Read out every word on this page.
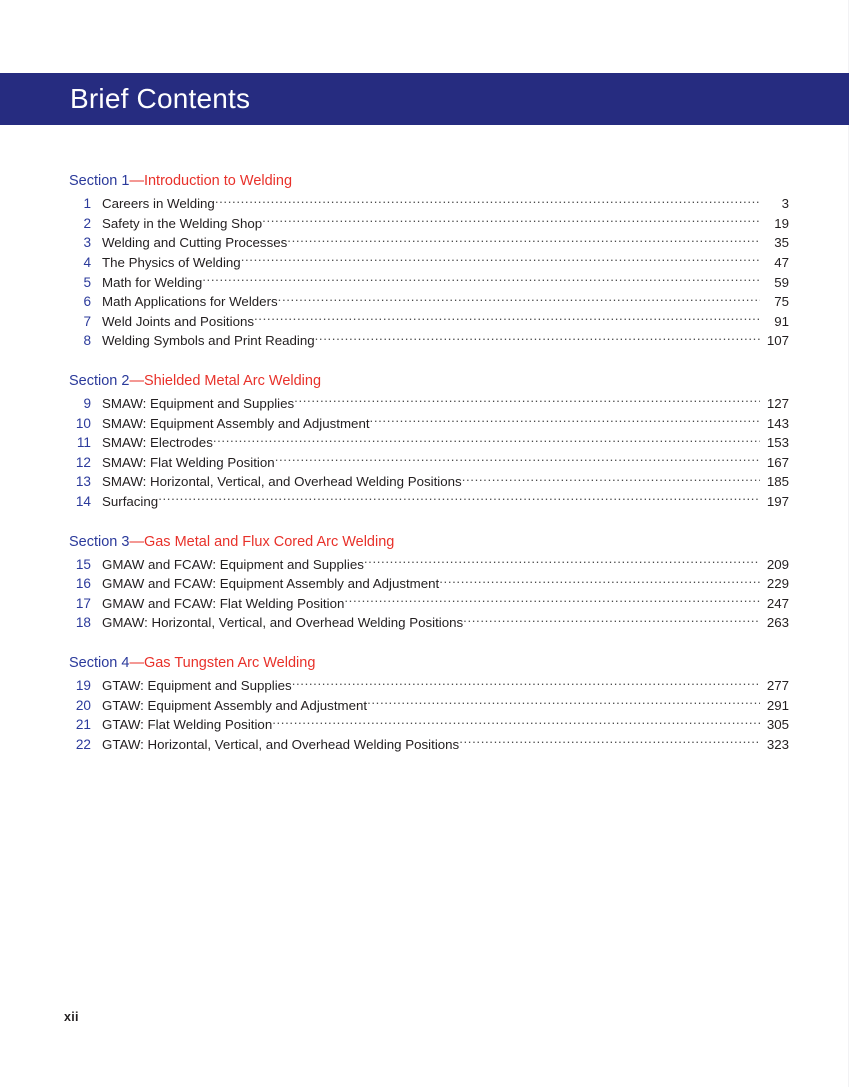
Brief Contents
Section 1—Introduction to Welding
1 Careers in Welding .....	3
2 Safety in the Welding Shop .....	19
3 Welding and Cutting Processes .....	35
4 The Physics of Welding .....	47
5 Math for Welding .....	59
6 Math Applications for Welders .....	75
7 Weld Joints and Positions .....	91
8 Welding Symbols and Print Reading .....	107
Section 2—Shielded Metal Arc Welding
9 SMAW: Equipment and Supplies .....	127
10 SMAW: Equipment Assembly and Adjustment .....	143
11 SMAW: Electrodes .....	153
12 SMAW: Flat Welding Position .....	167
13 SMAW: Horizontal, Vertical, and Overhead Welding Positions .....	185
14 Surfacing .....	197
Section 3—Gas Metal and Flux Cored Arc Welding
15 GMAW and FCAW: Equipment and Supplies .....	209
16 GMAW and FCAW: Equipment Assembly and Adjustment .....	229
17 GMAW and FCAW: Flat Welding Position .....	247
18 GMAW: Horizontal, Vertical, and Overhead Welding Positions .....	263
Section 4—Gas Tungsten Arc Welding
19 GTAW: Equipment and Supplies .....	277
20 GTAW: Equipment Assembly and Adjustment .....	291
21 GTAW: Flat Welding Position .....	305
22 GTAW: Horizontal, Vertical, and Overhead Welding Positions .....	323
xii
